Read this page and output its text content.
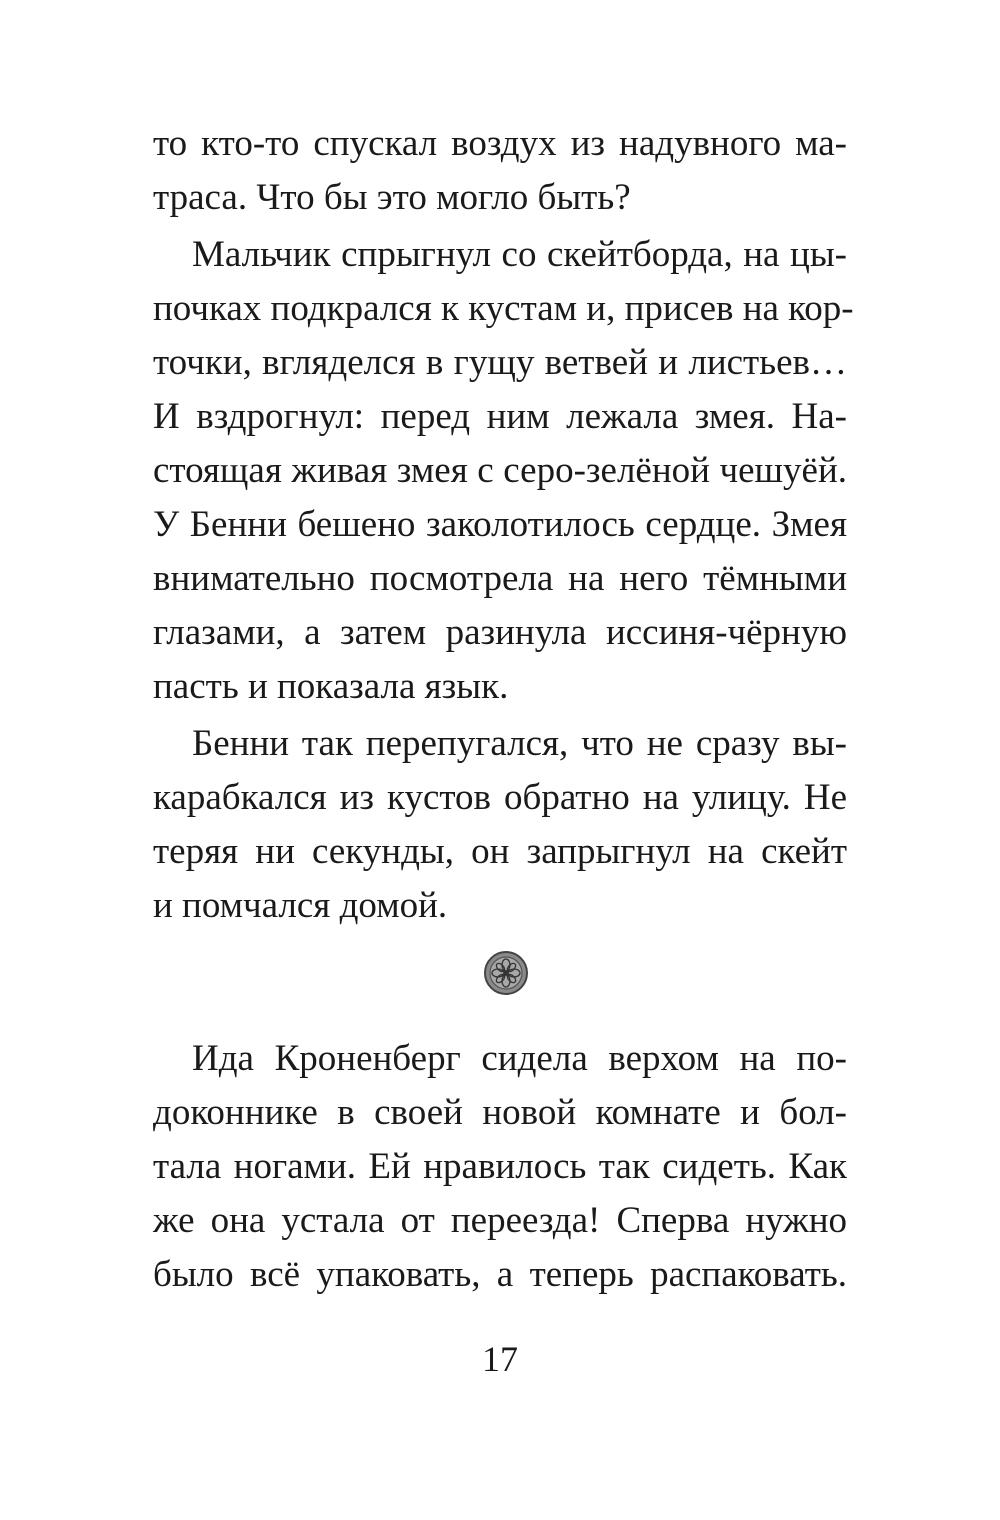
то кто-то спускал воздух из надувного ма-
траса. Что бы это могло быть?
Мальчик спрыгнул со скейтборда, на цы-
почках подкрался к кустам и, присев на кор-
точки, вгляделся в гущу ветвей и листьев…
И вздрогнул: перед ним лежала змея. На-
стоящая живая змея с серо-зелёной чешуёй.
У Бенни бешено заколотилось сердце. Змея
внимательно посмотрела на него тёмными
глазами, а затем разинула иссиня-чёрную
пасть и показала язык.
Бенни так перепугался, что не сразу вы-
карабкался из кустов обратно на улицу. Не
теряя ни секунды, он запрыгнул на скейт
и помчался домой.
Ида Кроненберг сидела верхом на по-
доконнике в своей новой комнате и бол-
тала ногами. Ей нравилось так сидеть. Как
же она устала от переезда! Сперва нужно
было всё упаковать, а теперь распаковать.
17
